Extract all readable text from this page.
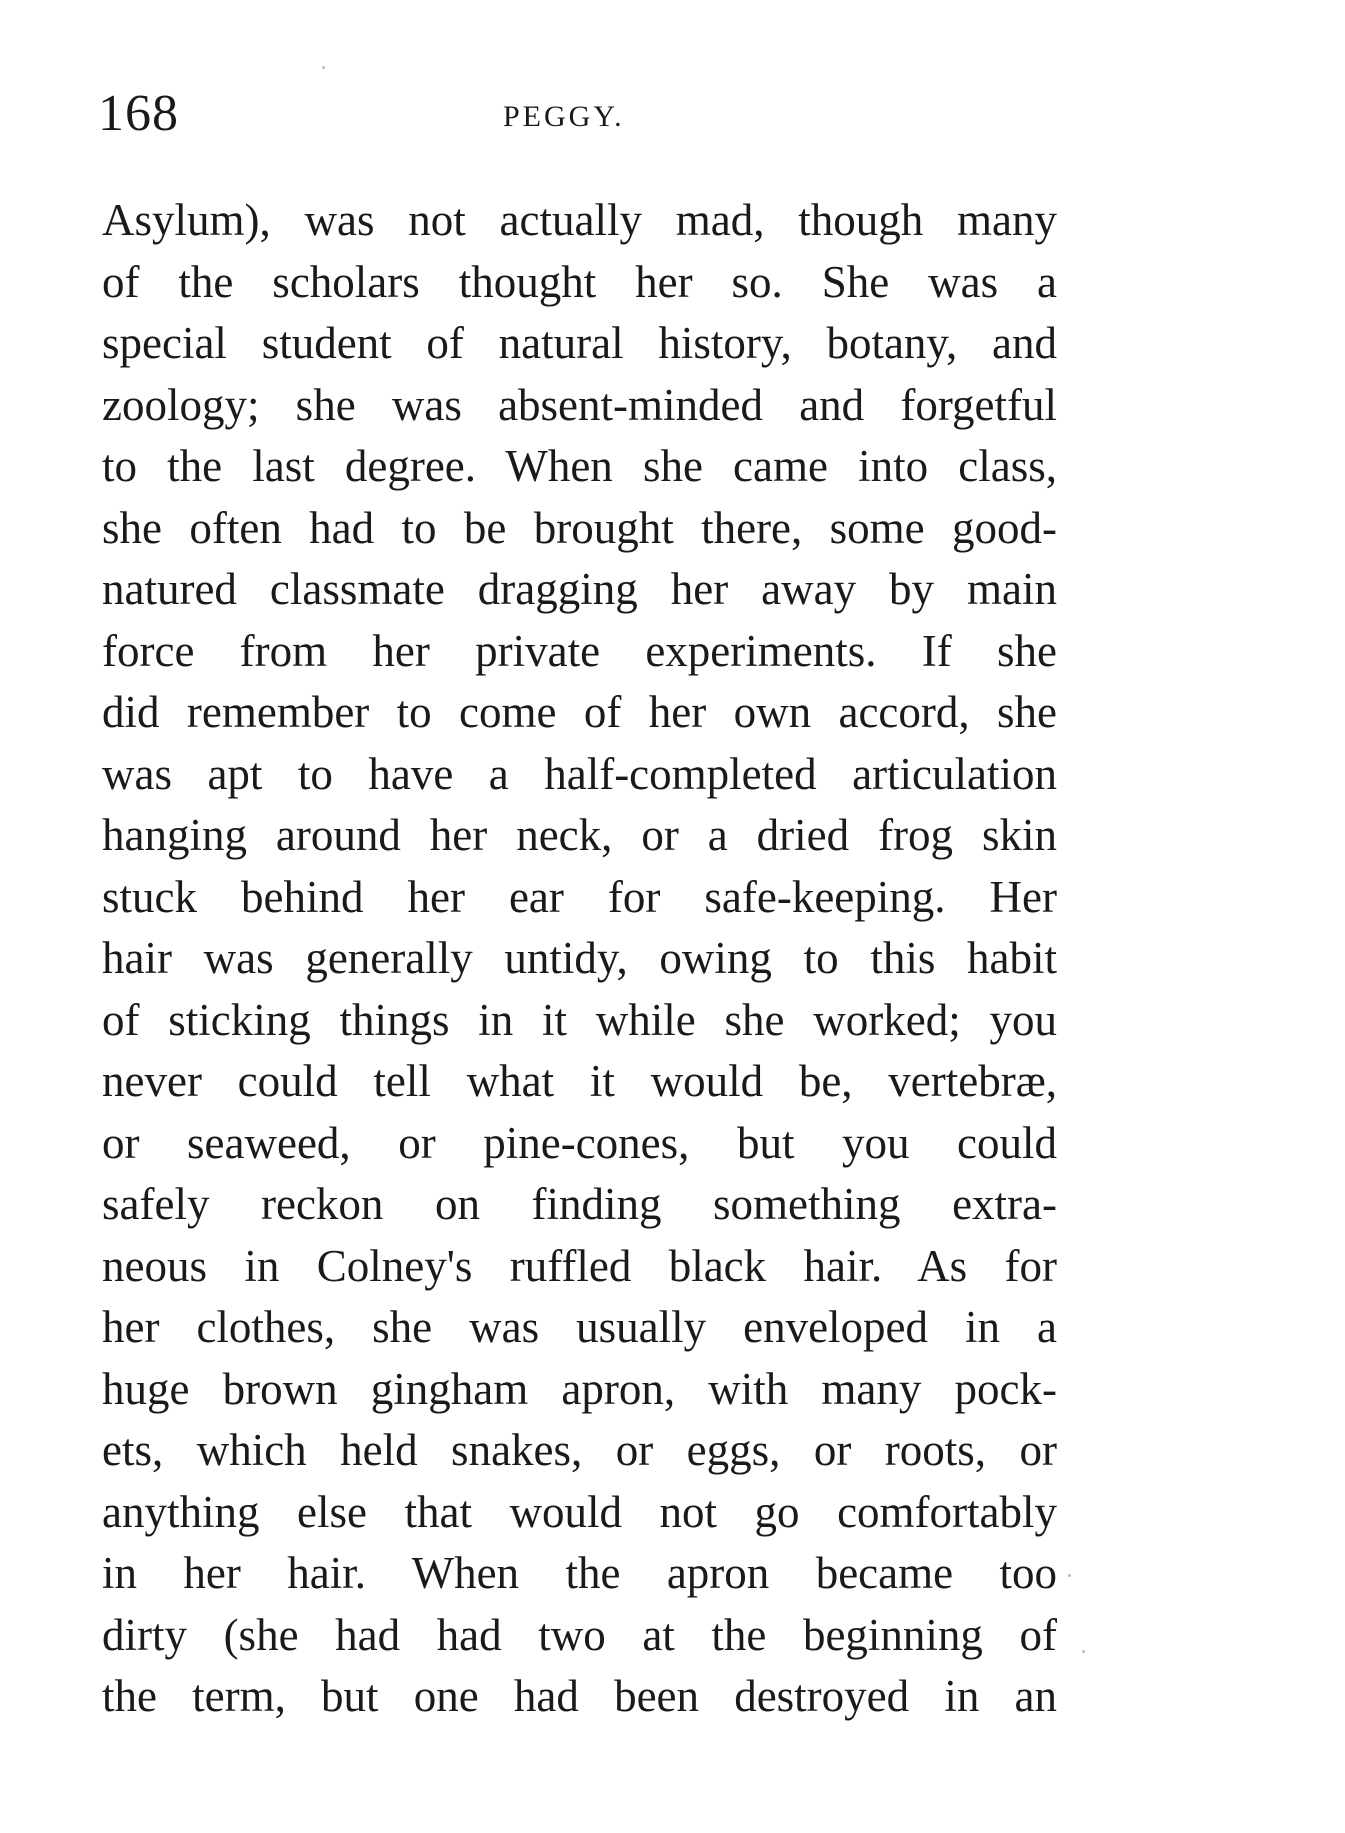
168	PEGGY.
Asylum), was not actually mad, though many
of the scholars thought her so. She was a
special student of natural history, botany, and
zoology; she was absent-minded and forgetful
to the last degree. When she came into class,
she often had to be brought there, some good-
natured classmate dragging her away by main
force from her private experiments. If she
did remember to come of her own accord, she
was apt to have a half-completed articulation
hanging around her neck, or a dried frog skin
stuck behind her ear for safe-keeping. Her
hair was generally untidy, owing to this habit
of sticking things in it while she worked; you
never could tell what it would be, vertebræ,
or seaweed, or pine-cones, but you could
safely reckon on finding something extra-
neous in Colney's ruffled black hair. As for
her clothes, she was usually enveloped in a
huge brown gingham apron, with many pock-
ets, which held snakes, or eggs, or roots, or
anything else that would not go comfortably
in her hair. When the apron became too
dirty (she had had two at the beginning of
the term, but one had been destroyed in an
